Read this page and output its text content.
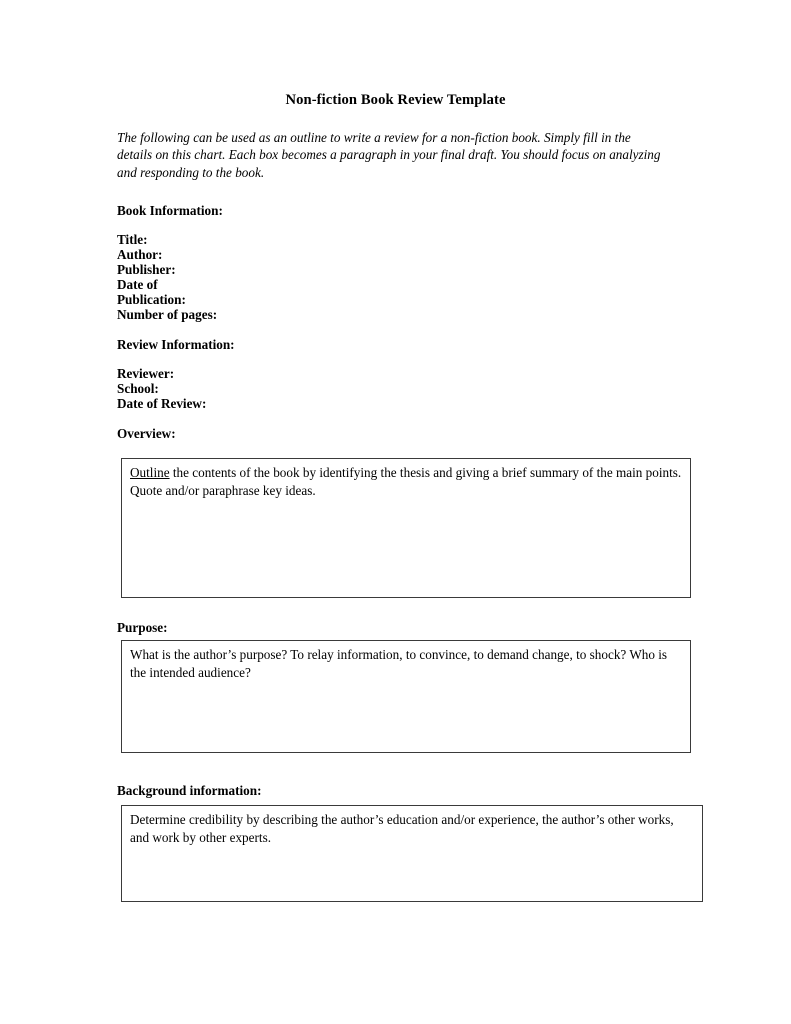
Non-fiction Book Review Template
The following can be used as an outline to write a review for a non-fiction book. Simply fill in the details on this chart. Each box becomes a paragraph in your final draft. You should focus on analyzing and responding to the book.
Book Information:
Title:
Author:
Publisher:
Date of
Publication:
Number of pages:
Review Information:
Reviewer:
School:
Date of Review:
Overview:
Outline the contents of the book by identifying the thesis and giving a brief summary of the main points. Quote and/or paraphrase key ideas.
Purpose:
What is the author’s purpose? To relay information, to convince, to demand change, to shock? Who is the intended audience?
Background information:
Determine credibility by describing the author’s education and/or experience, the author’s other works, and work by other experts.
